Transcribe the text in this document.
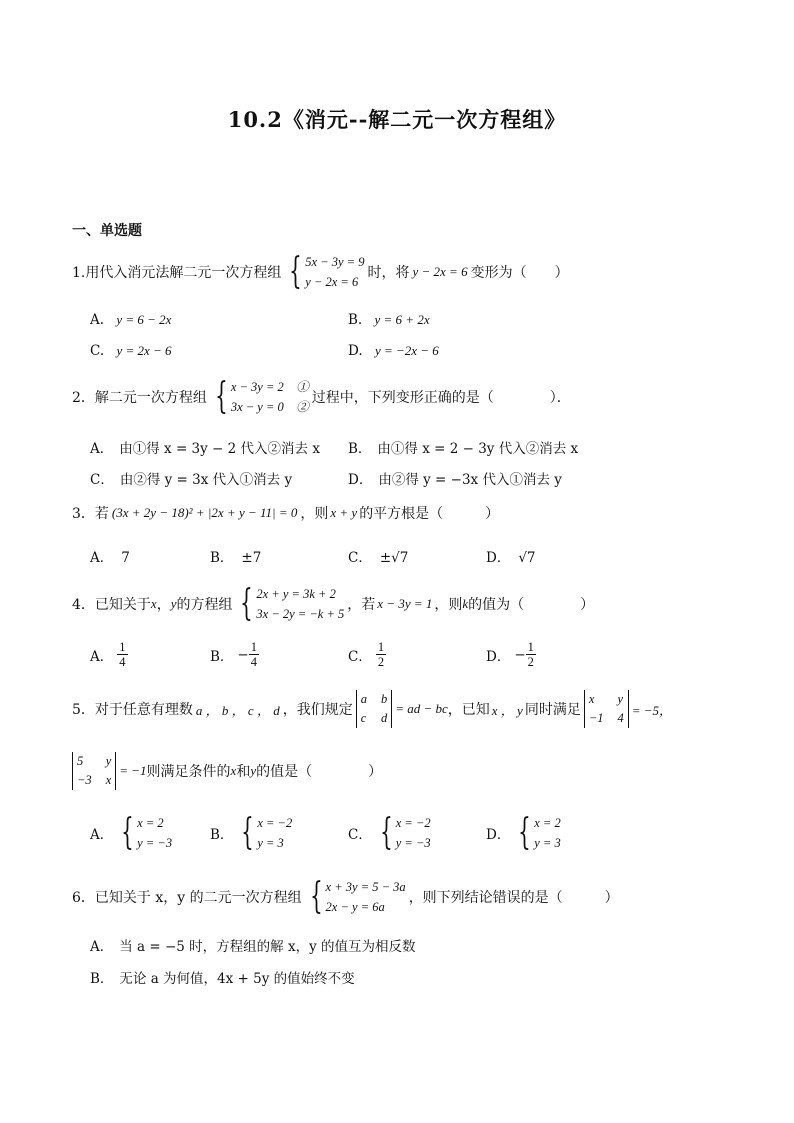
10.2《消元--解二元一次方程组》
一、单选题
1.用代入消元法解二元一次方程组 { 5x − 3y = 9
y − 2x = 6
时，将 y − 2x = 6 变形为（　　）
A. y = 6 − 2x	B. y = 6 + 2x
C. y = 2x − 6	D. y = −2x − 6
2．解二元一次方程组 { x − 3y = 2　①
3x − y = 0　②
过程中，下列变形正确的是（　　　　）．
A． 由①得 x = 3y − 2 代入②消去 x B． 由①得 x = 2 − 3y 代入②消去 x
C． 由②得 y = 3x 代入①消去 y	D． 由②得 y = −3x 代入①消去 y
3．若 (3x + 2y − 18)² + |2x + y − 11| = 0 ，则 x + y 的平方根是（　　　）
A． 7	B． ±7	C． ±√7	D． √7
4．已知关于 x ， y 的方程组 { 2x + y = 3k + 2
3x − 2y = −k + 5
，若 x − 3y = 1 ，则 k 的值为（　　　　）
A． $\frac{1}{4}$	B． − $\frac{1}{4}$	C． $\frac{1}{2}$	D． − $\frac{1}{2}$
5．对于任意有理数 a ， b ， c ， d ，我们规定
a b
c d
= ad − bc ，已知 x ， y 同时满足
x	y
−1 4
= −5，
5	y
−3 x
= −1 则满足条件的 x 和 y 的值是（　　　　）
A． { x = 2
y = −3	B． { x = −2
y = 3	C． { x = −2
y = −3	D． { x = 2
y = 3
6．已知关于 x，y 的二元一次方程组 { x + 3y = 5 − 3a
2x − y = 6a
，则下列结论错误的是（　　　）
A． 当 a = −5 时，方程组的解 x，y 的值互为相反数
B． 无论 a 为何值，4x + 5y 的值始终不变
